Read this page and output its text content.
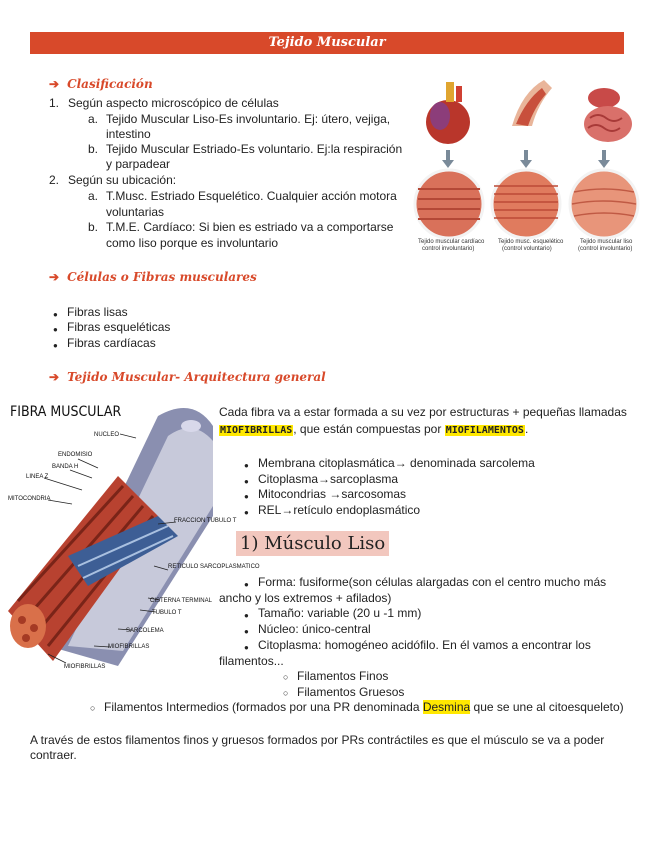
Tejido Muscular
➔ Clasificación
1. Según aspecto microscópico de células
a. Tejido Muscular Liso-Es involuntario. Ej: útero, vejiga,
intestino
b. Tejido Muscular Estriado-Es voluntario. Ej:la respiración
y parpadear
2. Según su ubicación:
a. T.Musc. Estriado Esquelético. Cualquier acción motora
voluntarias
b. T.M.E. Cardíaco: Si bien es estriado va a comportarse
como liso porque es involuntario	Tejido muscular cardíaco
control involuntario)
Tejido musc. esquelético
(control voluntario)
Tejido muscular liso
(control involuntario)
➔ Células o Fibras musculares
● Fibras lisas
● Fibras esqueléticas
● Fibras cardíacas
➔ Tejido Muscular- Arquitectura general
FIBRA MUSCULAR
NUCLEO
ENDOMISIO
BANDA H
LINEA Z
MITOCONDRIA
FRACCION TUBULO T
RETICULO SARCOPLASMATICO
CISTERNA TERMINAL
TUBULO T
SARCOLEMA
MIOFIBRILLAS
MIOFIBRILLAS
Cada fibra va a estar formada a su vez por estructuras + pequeñas llamadas
MIOFIBRILLAS, que están compuestas por MIOFILAMENTOS.
● Membrana citoplasmática→ denominada sarcolema
● Citoplasma→sarcoplasma
● Mitocondrias →sarcosomas
● REL→retículo endoplasmático
1) Músculo Liso
● Forma: fusiforme(son células alargadas con el centro mucho más
ancho y los extremos + afilados)
● Tamaño: variable (20 u -1 mm)
● Núcleo: único-central
● Citoplasma: homogéneo acidófilo. En él vamos a encontrar los
filamentos...
○ Filamentos Finos
○ Filamentos Gruesos
○ Filamentos Intermedios (formados por una PR denominada Desmina que se une al citoesqueleto)
A través de estos filamentos finos y gruesos formados por PRs contráctiles es que el músculo se va a poder
contraer.
